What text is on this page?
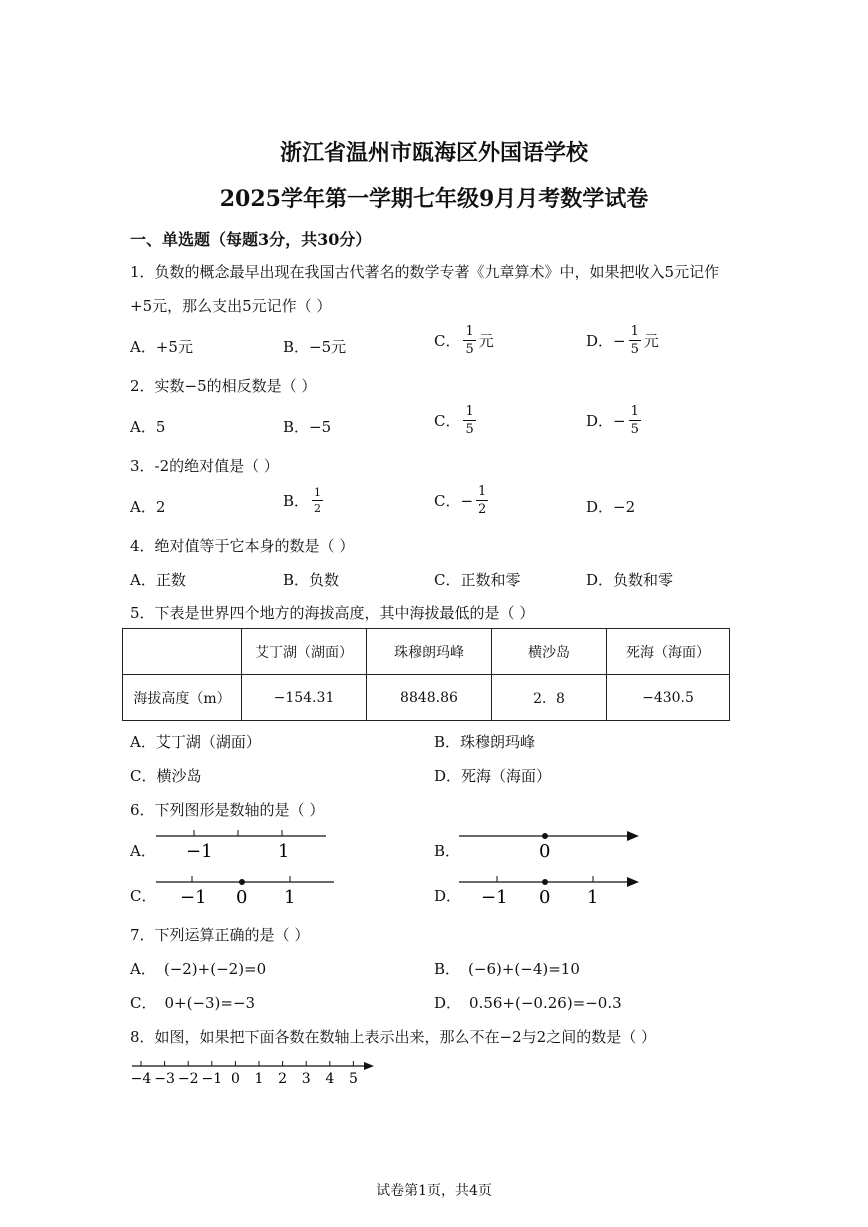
浙江省温州市瓯海区外国语学校
2025学年第一学期七年级9月月考数学试卷
一、单选题（每题3分，共30分）
1．负数的概念最早出现在我国古代著名的数学专著《九章算术》中，如果把收入5元记作
+5元，那么支出5元记作（ ）
A．+5元	B．−5元	C． $\frac{1}{5}$ 元	D．− $\frac{1}{5}$ 元
2．实数−5的相反数是（ ）
A．5	B．−5	C． $\frac{1}{5}$	D．− $\frac{1}{5}$
3．-2的绝对值是（ ）
A．2	B． $\frac{1}{2}$	C．− $\frac{1}{2}$	D．−2
4．绝对值等于它本身的数是（ ）
A．正数	B．负数	C．正数和零	D．负数和零
5．下表是世界四个地方的海拔高度，其中海拔最低的是（ ）
	艾丁湖（湖面）	珠穆朗玛峰	横沙岛	死海（海面）
海拔高度（m）	−154.31	8848.86	2．8	−430.5
A．艾丁湖（湖面）	B．珠穆朗玛峰
C．横沙岛	D．死海（海面）
6．下列图形是数轴的是（ ）
A．	B．
C．	D．
−1	1	0
−1 0 1	−1 0 1
7．下列运算正确的是（ ）
A． (−2)+(−2)=0	B． (−6)+(−4)=10
C． 0+(−3)=−3	D． 0.56+(−0.26)=−0.3
8．如图，如果把下面各数在数轴上表示出来，那么不在−2与2之间的数是（ ）
−4 −3 −2 −1 0 1 2 3 4 5
试卷第1页，共4页
